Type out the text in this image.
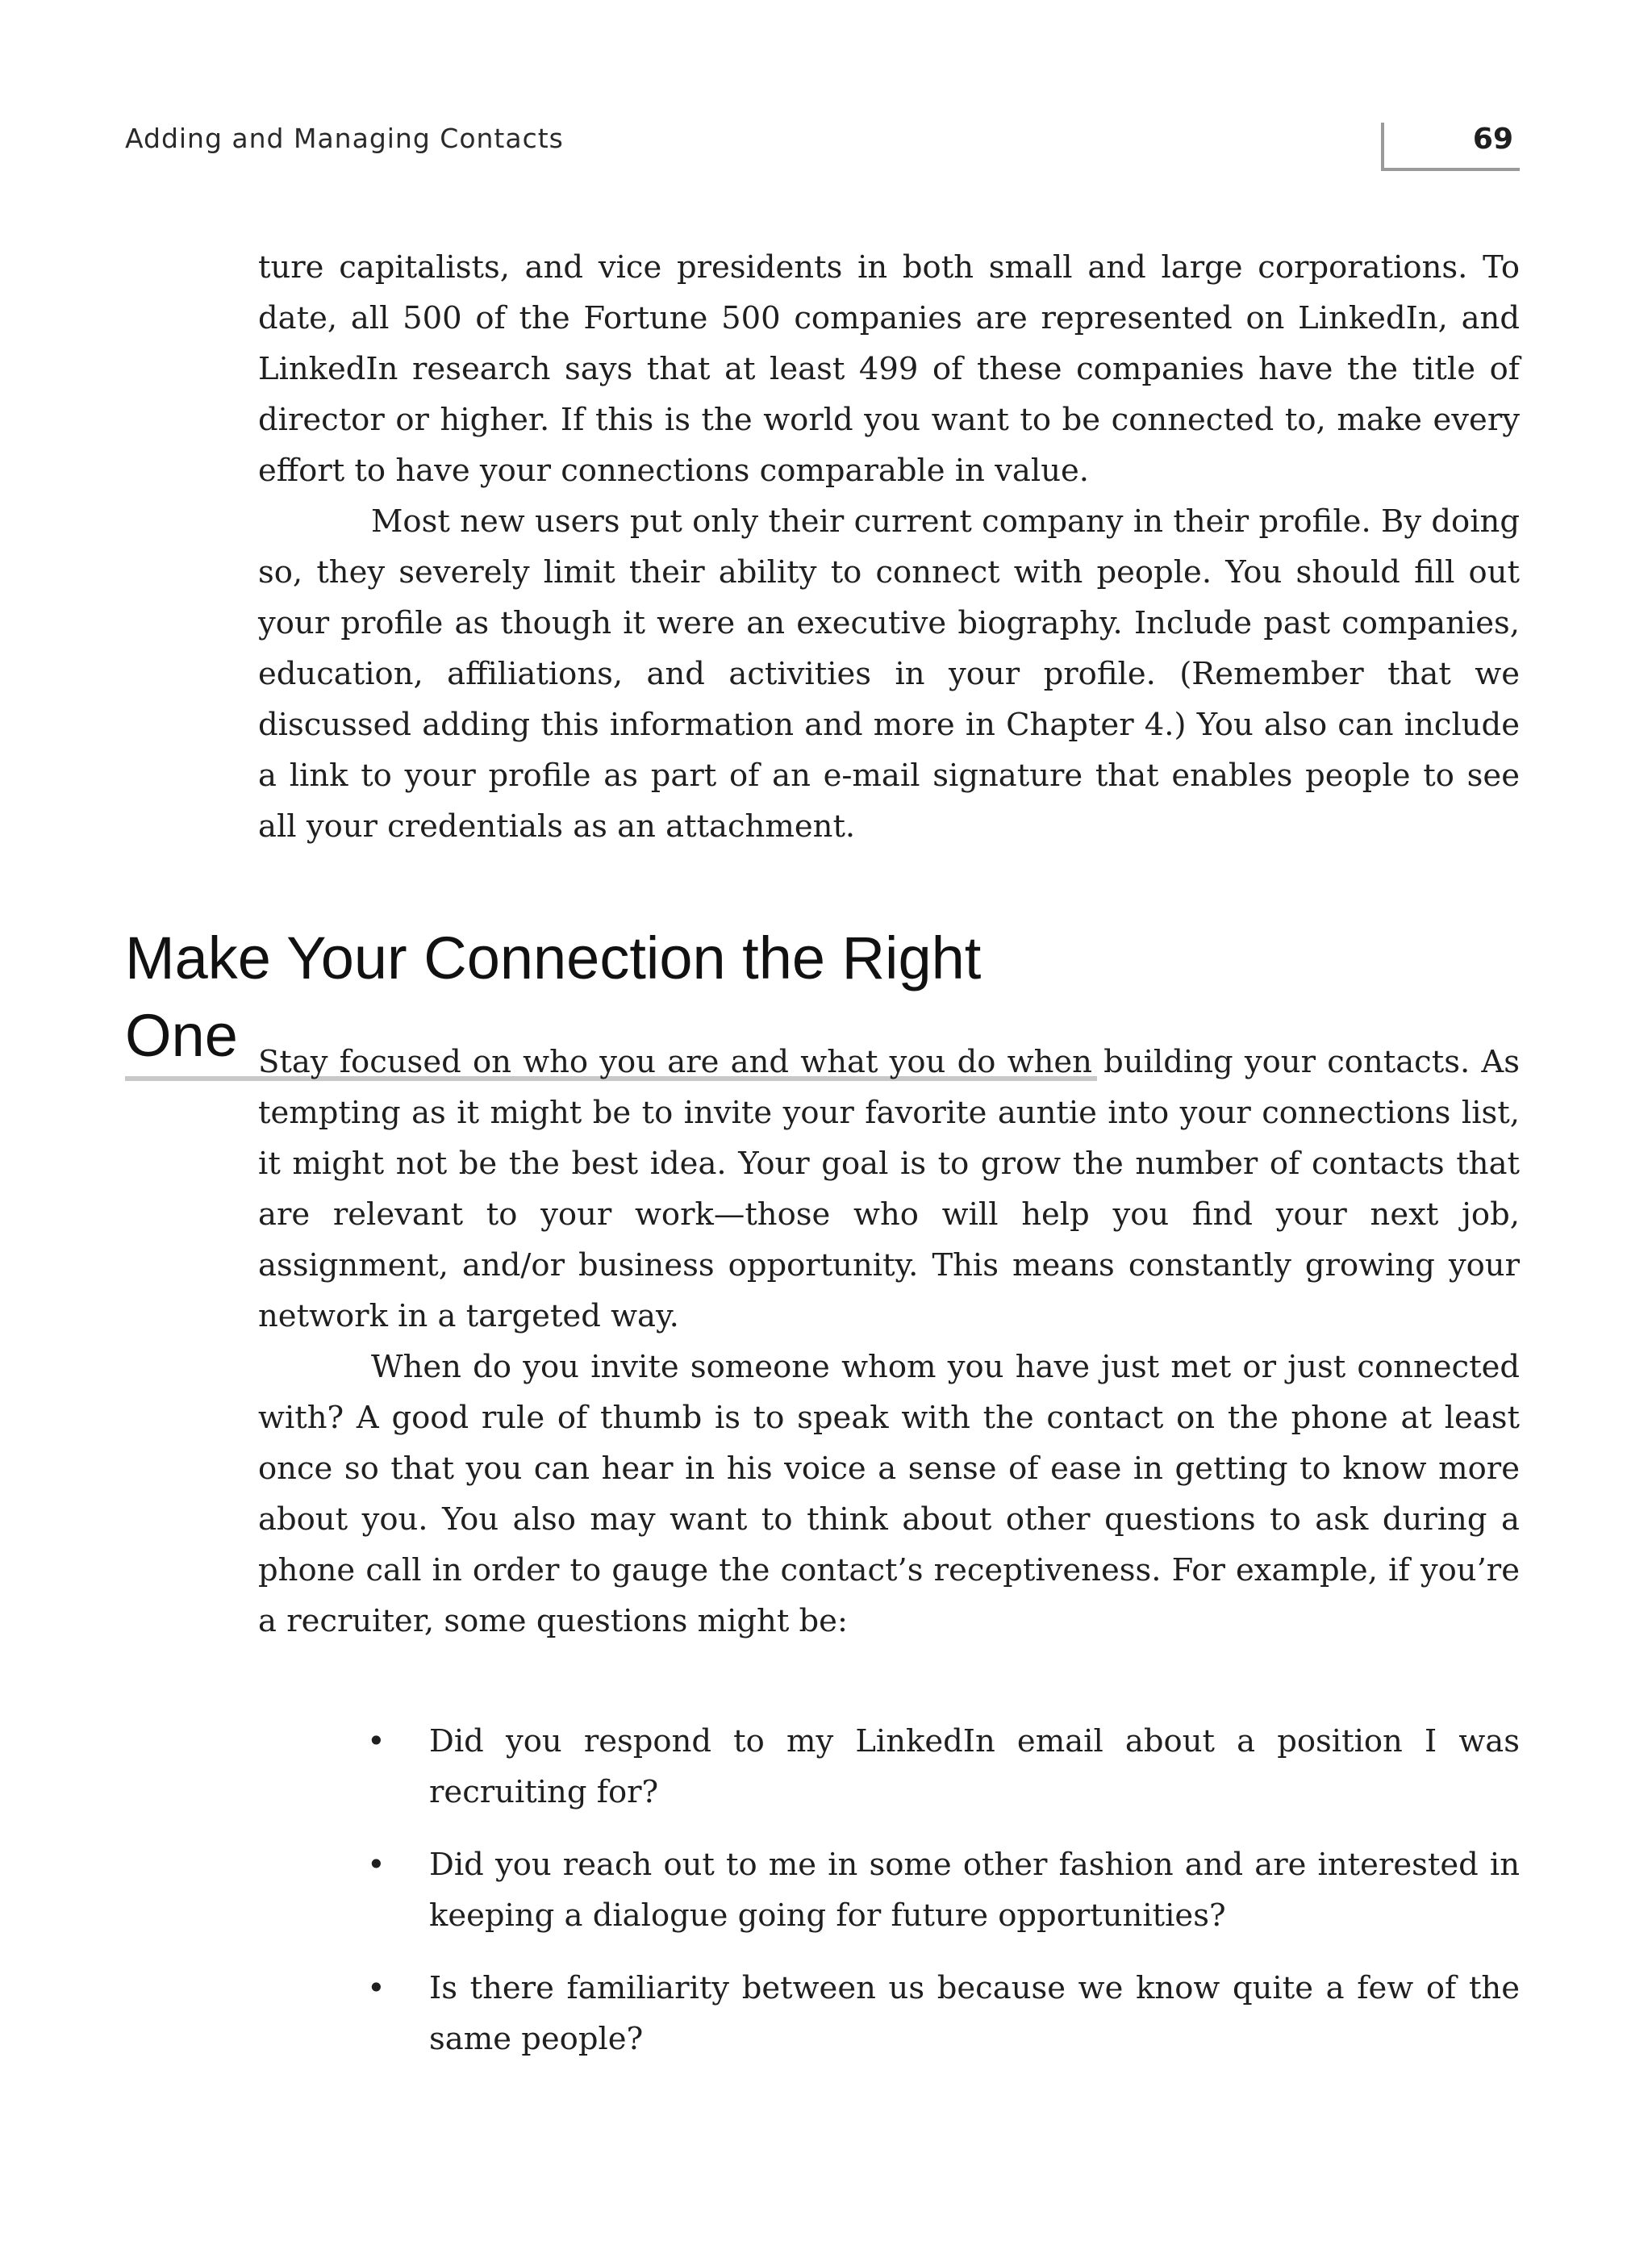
Adding and Managing Contacts	69

ture capitalists, and vice presidents in both small and large corporations. To date, all 500 of the Fortune 500 companies are represented on LinkedIn, and LinkedIn research says that at least 499 of these companies have the title of director or higher. If this is the world you want to be connected to, make every effort to have your connections comparable in value.

Most new users put only their current company in their profile. By doing so, they severely limit their ability to connect with people. You should fill out your profile as though it were an executive biography. Include past companies, education, affiliations, and activities in your profile. (Remember that we discussed adding this information and more in Chapter 4.) You also can include a link to your profile as part of an e-mail signature that enables people to see all your credentials as an attachment.

Make Your Connection the Right One Stay focused on who you are and what you do when building your contacts. As tempting as it might be to invite your favorite auntie into your connections list, it might not be the best idea. Your goal is to grow the number of contacts that are relevant to your work—those who will help you find your next job, assignment, and/or business opportunity. This means constantly growing your network in a targeted way.

When do you invite someone whom you have just met or just connected with? A good rule of thumb is to speak with the contact on the phone at least once so that you can hear in his voice a sense of ease in getting to know more about you. You also may want to think about other questions to ask during a phone call in order to gauge the contact’s receptiveness. For example, if you’re a recruiter, some questions might be:

• Did you respond to my LinkedIn email about a position I was recruiting for?
• Did you reach out to me in some other fashion and are interested in keeping a dialogue going for future opportunities?
• Is there familiarity between us because we know quite a few of the same people?
